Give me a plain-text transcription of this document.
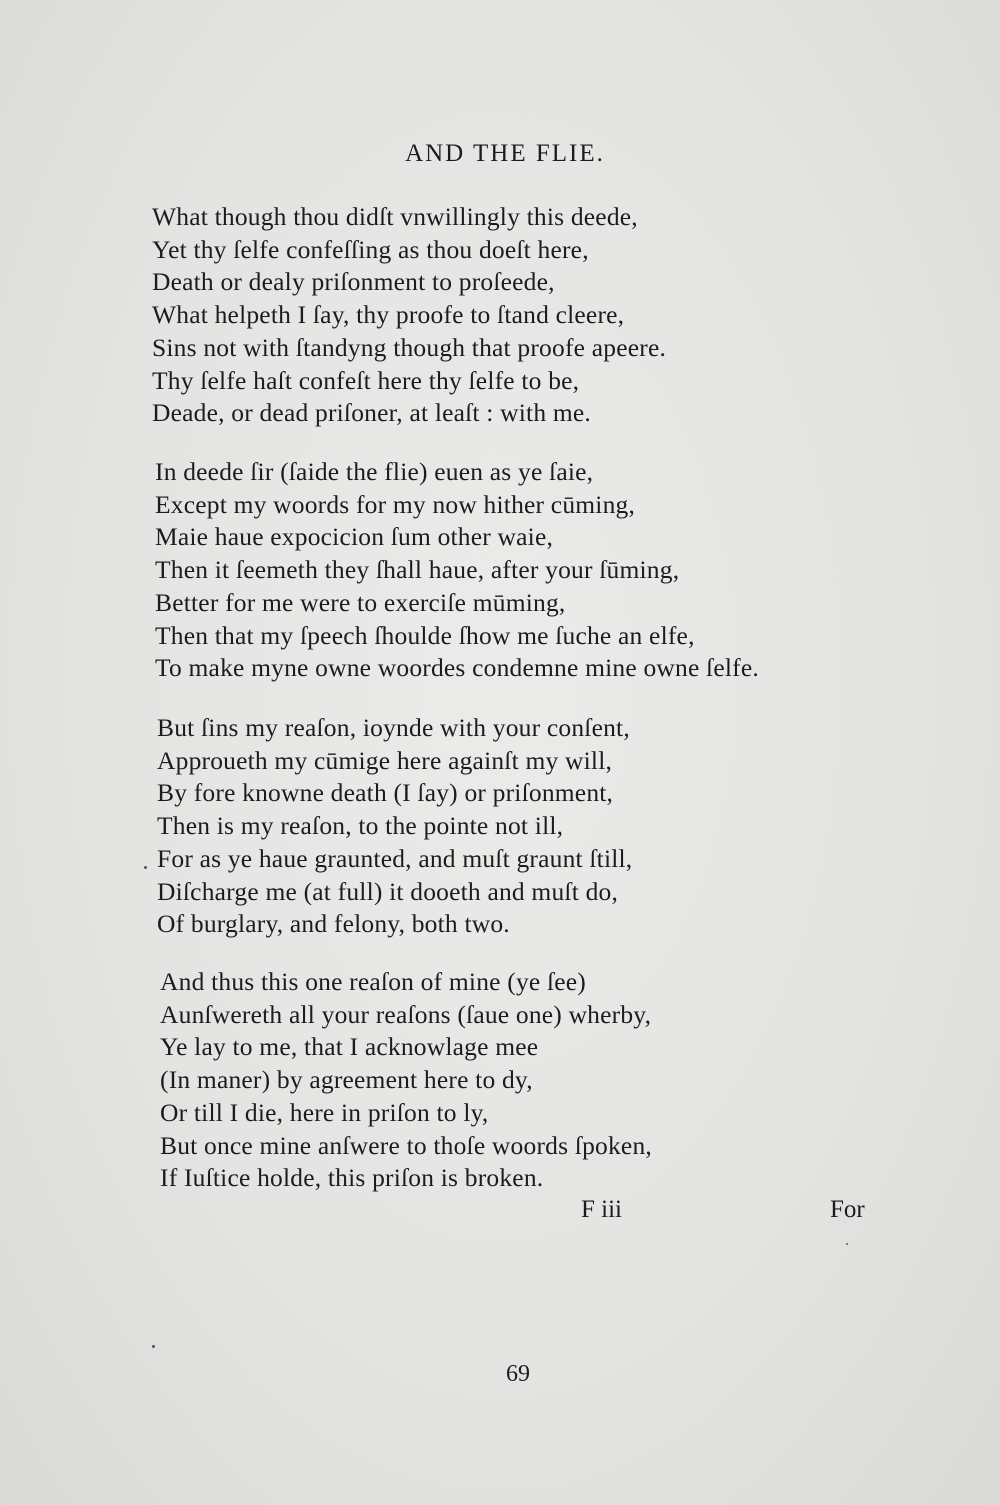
AND THE FLIE.
What though thou didſt vnwillingly this deede,
Yet thy ſelfe confeſſing as thou doeſt here,
Death or dealy priſonment to proſeede,
What helpeth I ſay, thy proofe to ſtand cleere,
Sins not with ſtandyng though that proofe apeere.
Thy ſelfe haſt confeſt here thy ſelfe to be,
Deade, or dead priſoner, at leaſt : with me.
In deede ſir (ſaide the flie) euen as ye ſaie,
Except my woords for my now hither cūming,
Maie haue expocicion ſum other waie,
Then it ſeemeth they ſhall haue, after your ſūming,
Better for me were to exerciſe mūming,
Then that my ſpeech ſhoulde ſhow me ſuche an elfe,
To make myne owne woordes condemne mine owne ſelfe.
But ſins my reaſon, ioynde with your conſent,
Approueth my cūmige here againſt my will,
By fore knowne death (I ſay) or priſonment,
Then is my reaſon, to the pointe not ill,
For as ye haue graunted, and muſt graunt ſtill,
Diſcharge me (at full) it dooeth and muſt do,
Of burglary, and felony, both two.
And thus this one reaſon of mine (ye ſee)
Aunſwereth all your reaſons (ſaue one) wherby,
Ye lay to me, that I acknowlage mee
(In maner) by agreement here to dy,
Or till I die, here in priſon to ly,
But once mine anſwere to thoſe woords ſpoken,
If Iuſtice holde, this priſon is broken.

F iii	For

69
